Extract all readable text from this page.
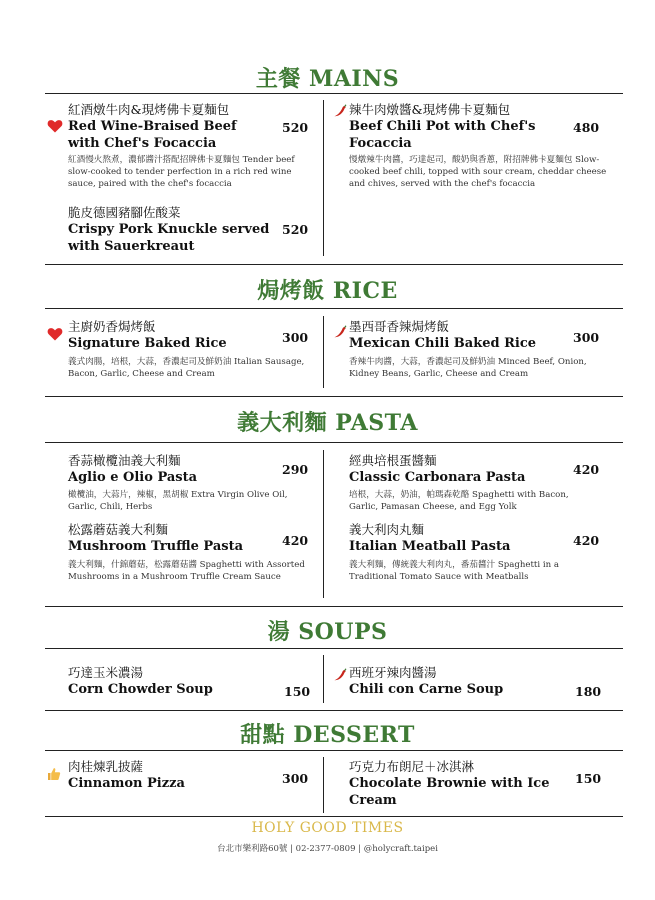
主餐 MAINS
紅酒燉牛肉&現烤佛卡夏麵包
Red Wine-Braised Beef with Chef's Focaccia
紅酒慢火熬煮，濃郁醬汁搭配招牌佛卡夏麵包 Tender beef slow-cooked to tender perfection in a rich red wine sauce, paired with the chef's focaccia
520
辣牛肉燉醬&現烤佛卡夏麵包
Beef Chili Pot with Chef's Focaccia
慢燉辣牛肉醬，巧達起司，酸奶與香蔥，附招牌佛卡夏麵包 Slow-cooked beef chili, topped with sour cream, cheddar cheese and chives, served with the chef's focaccia
480
脆皮德國豬腳佐酸菜
Crispy Pork Knuckle served with Sauerkreaut
520
焗烤飯 RICE
主廚奶香焗烤飯
Signature Baked Rice
義式肉腸，培根，大蒜，香濃起司及鮮奶油 Italian Sausage, Bacon, Garlic, Cheese and Cream
300
墨西哥香辣焗烤飯
Mexican Chili Baked Rice
香辣牛肉醬，大蒜，香濃起司及鮮奶油 Minced Beef, Onion, Kidney Beans, Garlic, Cheese and Cream
300
義大利麵 PASTA
香蒜橄欖油義大利麵
Aglio e Olio Pasta
橄欖油，大蒜片，辣椒，黑胡椒 Extra Virgin Olive Oil, Garlic, Chili, Herbs
290
經典培根蛋醬麵
Classic Carbonara Pasta
培根，大蒜，奶油，帕瑪森乾酪 Spaghetti with Bacon, Garlic, Pamasan Cheese, and Egg Yolk
420
松露蘑菇義大利麵
Mushroom Truffle Pasta
義大利麵，什錦蘑菇，松露蘑菇醬 Spaghetti with Assorted Mushrooms in a Mushroom Truffle Cream Sauce
420
義大利肉丸麵
Italian Meatball Pasta
義大利麵，傳統義大利肉丸，番茄醬汁 Spaghetti in a Traditional Tomato Sauce with Meatballs
420
湯 SOUPS
巧達玉米濃湯
Corn Chowder Soup	150
西班牙辣肉醬湯
Chili con Carne Soup	180
甜點 DESSERT
肉桂煉乳披薩
Cinnamon Pizza	300
巧克力布朗尼＋冰淇淋
Chocolate Brownie with Ice Cream
150
HOLY GOOD TIMES
台北市樂利路60號 | 02-2377-0809 | @holycraft.taipei
